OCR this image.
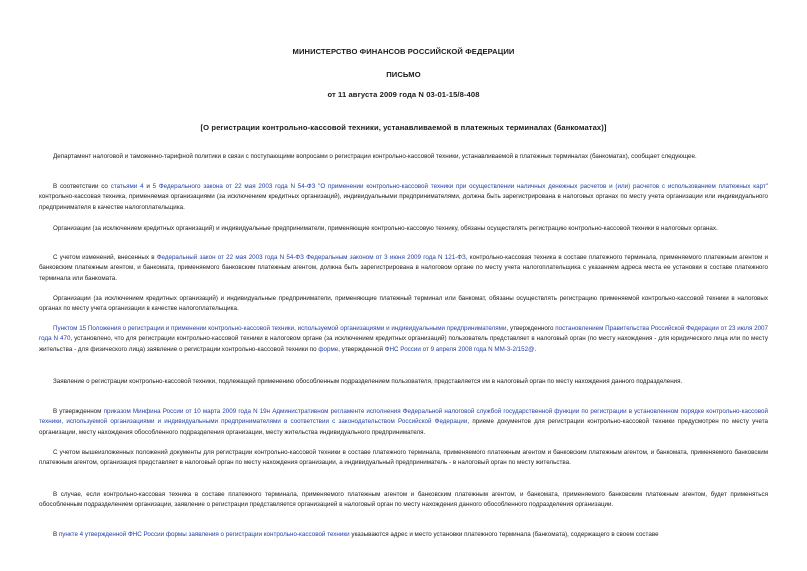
МИНИСТЕРСТВО ФИНАНСОВ РОССИЙСКОЙ ФЕДЕРАЦИИ
ПИСЬМО
от 11 августа 2009 года N 03-01-15/8-408
[О регистрации контрольно-кассовой техники, устанавливаемой в платежных терминалах (банкоматах)]

Департамент налоговой и таможенно-тарифной политики в связи с поступающими вопросами о регистрации контрольно-кассовой техники, устанавливаемой в платежных терминалах (банкоматах), сообщает следующее.

В соответствии со статьями 4 и 5 Федерального закона от 22 мая 2003 года N 54-ФЗ "О применении контрольно-кассовой техники при осуществлении наличных денежных расчетов и (или) расчетов с использованием платежных карт" контрольно-кассовая техника, применяемая организациями (за исключением кредитных организаций), индивидуальными предпринимателями, должна быть зарегистрирована в налоговых органах по месту учета организации или индивидуального предпринимателя в качестве налогоплательщика.

Организации (за исключением кредитных организаций) и индивидуальные предприниматели, применяющие контрольно-кассовую технику, обязаны осуществлять регистрацию контрольно-кассовой техники в налоговых органах.

С учетом изменений, внесенных в Федеральный закон от 22 мая 2003 года N 54-ФЗ Федеральным законом от 3 июня 2009 года N 121-ФЗ, контрольно-кассовая техника в составе платежного терминала, применяемого платежным агентом и банковским платежным агентом, и банкомата, применяемого банковским платежным агентом, должна быть зарегистрирована в налоговом органе по месту учета налогоплательщика с указанием адреса места ее установки в составе платежного терминала или банкомата.

Организации (за исключением кредитных организаций) и индивидуальные предприниматели, применяющие платежный терминал или банкомат, обязаны осуществлять регистрацию применяемой контрольно-кассовой техники в налоговых органах по месту учета организации в качестве налогоплательщика.

Пунктом 15 Положения о регистрации и применении контрольно-кассовой техники, используемой организациями и индивидуальными предпринимателями, утвержденного постановлением Правительства Российской Федерации от 23 июля 2007 года N 470, установлено, что для регистрации контрольно-кассовой техники в налоговом органе (за исключением кредитных организаций) пользователь представляет в налоговый орган (по месту нахождения - для юридического лица или по месту жительства - для физического лица) заявление о регистрации контрольно-кассовой техники по форме, утвержденной ФНС России от 9 апреля 2008 года N ММ-3-2/152@.

Заявление о регистрации контрольно-кассовой техники, подлежащей применению обособленным подразделением пользователя, представляется им в налоговый орган по месту нахождения данного подразделения.

В утвержденном приказом Минфина России от 10 марта 2009 года N 19н Административном регламенте исполнения Федеральной налоговой службой государственной функции по регистрации в установленном порядке контрольно-кассовой техники, используемой организациями и индивидуальными предпринимателями в соответствии с законодательством Российской Федерации, приеме документов для регистрации контрольно-кассовой техники предусмотрен по месту учета организации, месту нахождения обособленного подразделения организации, месту жительства индивидуального предпринимателя.

С учетом вышеизложенных положений документы для регистрации контрольно-кассовой техники в составе платежного терминала, применяемого платежным агентом и банковским платежным агентом, и банкомата, применяемого банковским платежным агентом, организация представляет в налоговый орган по месту нахождения организации, а индивидуальный предприниматель - в налоговый орган по месту жительства.

В случае, если контрольно-кассовая техника в составе платежного терминала, применяемого платежным агентом и банковским платежным агентом, и банкомата, применяемого банковским платежным агентом, будет применяться обособленным подразделением организации, заявление о регистрации представляется организацией в налоговый орган по месту нахождения данного обособленного подразделения организации.

В пункте 4 утвержденной ФНС России формы заявления о регистрации контрольно-кассовой техники указываются адрес и место установки платежного терминала (банкомата), содержащего в своем составе
